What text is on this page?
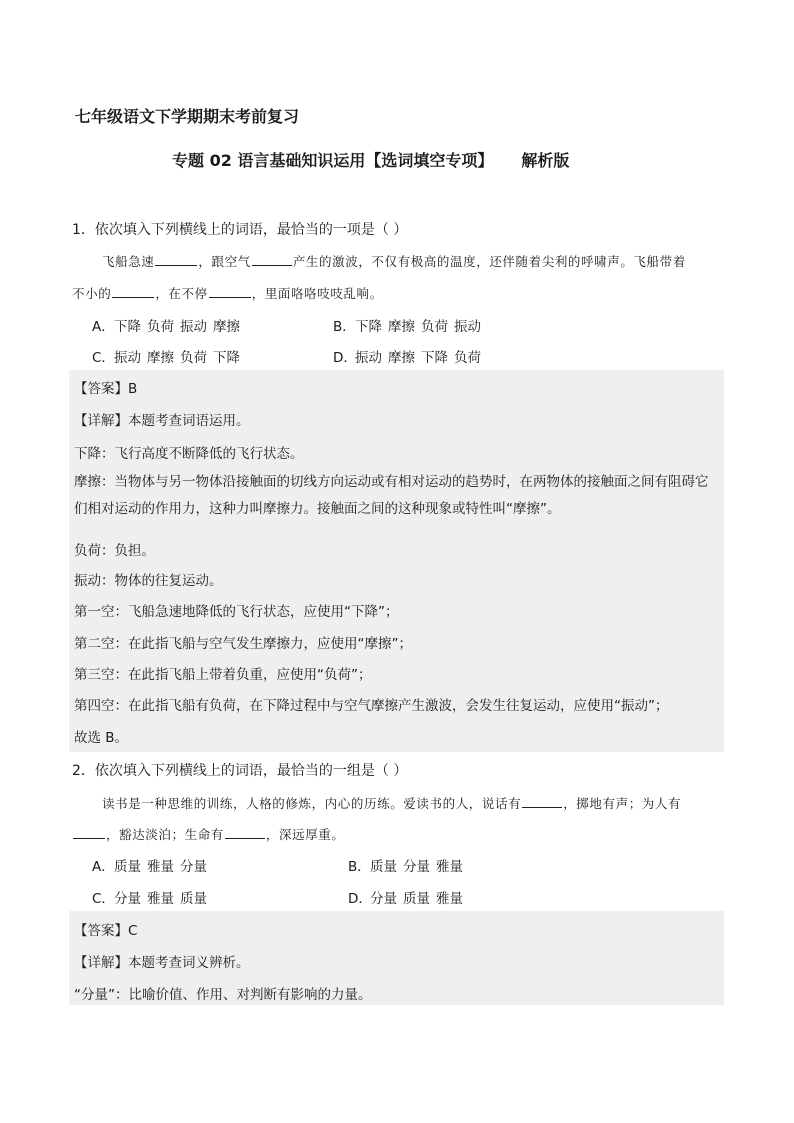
七年级语文下学期期末考前复习
专题 02 语言基础知识运用【选词填空专项】 解析版
1．依次填入下列横线上的词语，最恰当的一项是（ ）
飞船急速	，跟空气	产生的激波，不仅有极高的温度，还伴随着尖利的呼啸声。飞船带着
不小的	，在不停	，里面咯咯吱吱乱响。
A．下降 负荷 振动 摩擦	B．下降 摩擦 负荷 振动
C．振动 摩擦 负荷 下降	D．振动 摩擦 下降 负荷
【答案】B
【详解】本题考查词语运用。
下降：飞行高度不断降低的飞行状态。
摩擦：当物体与另一物体沿接触面的切线方向运动或有相对运动的趋势时，在两物体的接触面之间有阻碍它们相对运动的作用力，这种力叫摩擦力。接触面之间的这种现象或特性叫“摩擦”。
负荷：负担。
振动：物体的往复运动。
第一空：飞船急速地降低的飞行状态，应使用“下降”；
第二空：在此指飞船与空气发生摩擦力，应使用“摩擦”；
第三空：在此指飞船上带着负重，应使用“负荷”；
第四空：在此指飞船有负荷，在下降过程中与空气摩擦产生激波，会发生往复运动，应使用“振动”；
故选 B。
2．依次填入下列横线上的词语，最恰当的一组是（ ）
读书是一种思维的训练，人格的修炼，内心的历练。爱读书的人，说话有	，掷地有声；为人有
，豁达淡泊；生命有	，深远厚重。
A．质量 雅量 分量	B．质量 分量 雅量
C．分量 雅量 质量	D．分量 质量 雅量
【答案】C
【详解】本题考查词义辨析。
“分量”：比喻价值、作用、对判断有影响的力量。
